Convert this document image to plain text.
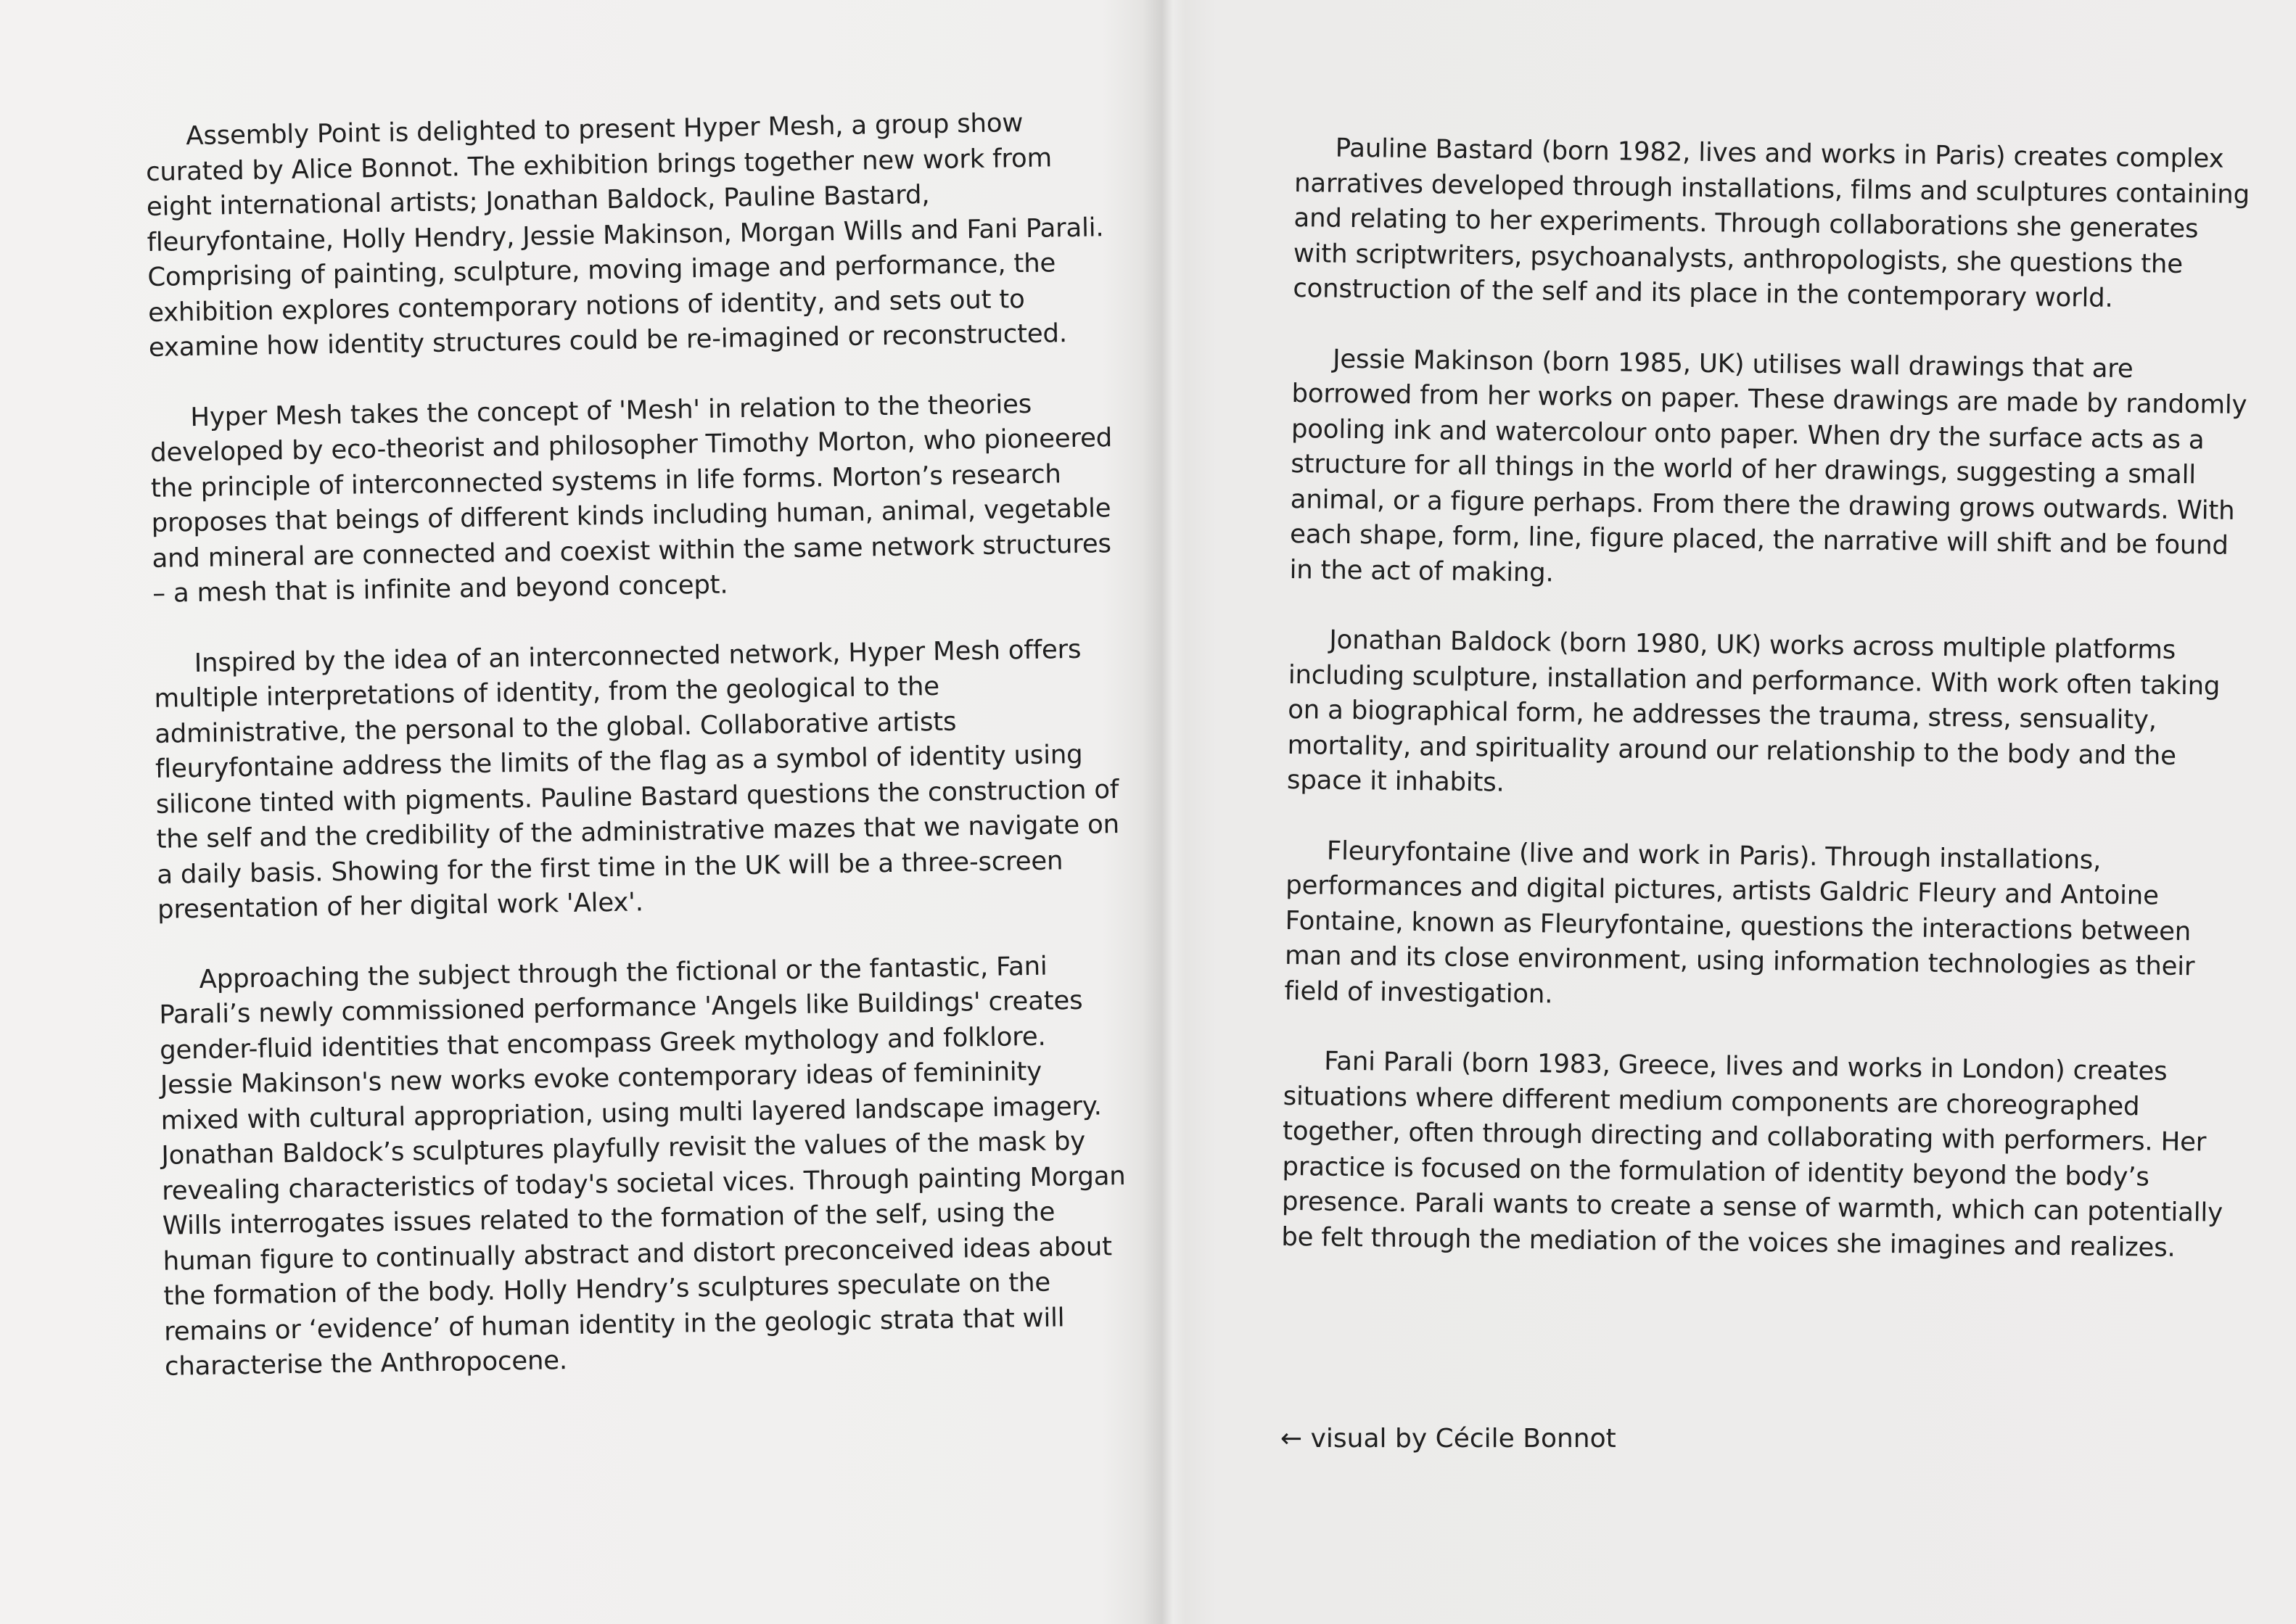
Assembly Point is delighted to present Hyper Mesh, a group show curated by Alice Bonnot. The exhibition brings together new work from eight international artists; Jonathan Baldock, Pauline Bastard, fleuryfontaine, Holly Hendry, Jessie Makinson, Morgan Wills and Fani Parali. Comprising of painting, sculpture, moving image and performance, the exhibition explores contemporary notions of identity, and sets out to examine how identity structures could be re-imagined or reconstructed.

Hyper Mesh takes the concept of 'Mesh' in relation to the theories developed by eco-theorist and philosopher Timothy Morton, who pioneered the principle of interconnected systems in life forms. Morton’s research proposes that beings of different kinds including human, animal, vegetable and mineral are connected and coexist within the same network structures – a mesh that is infinite and beyond concept.

Inspired by the idea of an interconnected network, Hyper Mesh offers multiple interpretations of identity, from the geological to the administrative, the personal to the global. Collaborative artists fleuryfontaine address the limits of the flag as a symbol of identity using silicone tinted with pigments. Pauline Bastard questions the construction of the self and the credibility of the administrative mazes that we navigate on a daily basis. Showing for the first time in the UK will be a three-screen presentation of her digital work 'Alex'.

Approaching the subject through the fictional or the fantastic, Fani Parali’s newly commissioned performance 'Angels like Buildings' creates gender-fluid identities that encompass Greek mythology and folklore. Jessie Makinson's new works evoke contemporary ideas of femininity mixed with cultural appropriation, using multi layered landscape imagery. Jonathan Baldock’s sculptures playfully revisit the values of the mask by revealing characteristics of today's societal vices. Through painting Morgan Wills interrogates issues related to the formation of the self, using the human figure to continually abstract and distort preconceived ideas about the formation of the body. Holly Hendry’s sculptures speculate on the remains or ‘evidence’ of human identity in the geologic strata that will characterise the Anthropocene.

Pauline Bastard (born 1982, lives and works in Paris) creates complex narratives developed through installations, films and sculptures containing and relating to her experiments. Through collaborations she generates with scriptwriters, psychoanalysts, anthropologists, she questions the construction of the self and its place in the contemporary world.

Jessie Makinson (born 1985, UK) utilises wall drawings that are borrowed from her works on paper. These drawings are made by randomly pooling ink and watercolour onto paper. When dry the surface acts as a structure for all things in the world of her drawings, suggesting a small animal, or a figure perhaps. From there the drawing grows outwards. With each shape, form, line, figure placed, the narrative will shift and be found in the act of making.

Jonathan Baldock (born 1980, UK) works across multiple platforms including sculpture, installation and performance. With work often taking on a biographical form, he addresses the trauma, stress, sensuality, mortality, and spirituality around our relationship to the body and the space it inhabits.

Fleuryfontaine (live and work in Paris). Through installations, performances and digital pictures, artists Galdric Fleury and Antoine Fontaine, known as Fleuryfontaine, questions the interactions between man and its close environment, using information technologies as their field of investigation.

Fani Parali (born 1983, Greece, lives and works in London) creates situations where different medium components are choreographed together, often through directing and collaborating with performers. Her practice is focused on the formulation of identity beyond the body’s presence. Parali wants to create a sense of warmth, which can potentially be felt through the mediation of the voices she imagines and realizes.

← visual by Cécile Bonnot
